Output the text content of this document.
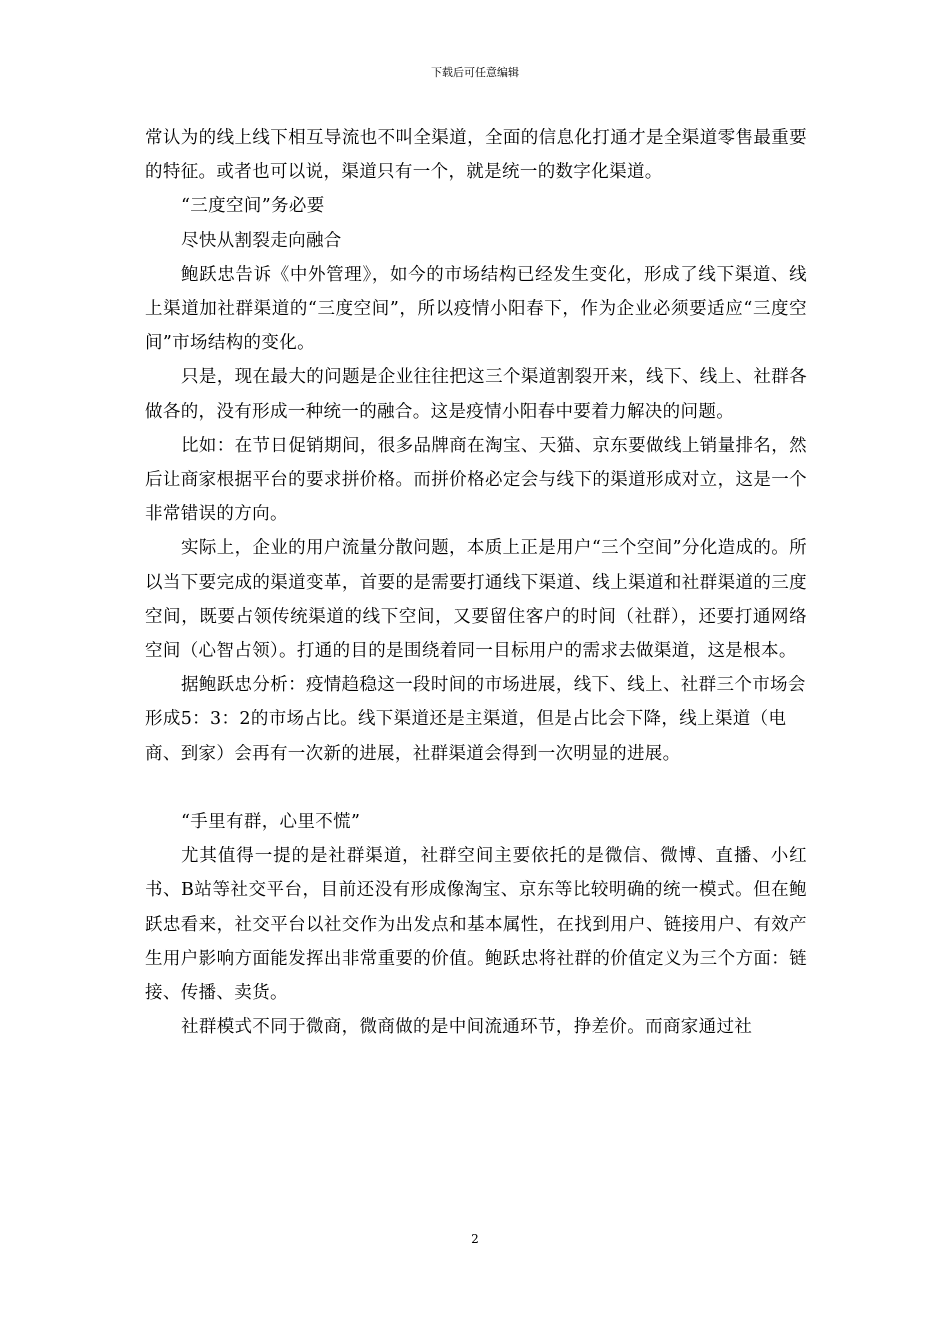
下载后可任意编辑

常认为的线上线下相互导流也不叫全渠道，全面的信息化打通才是全渠道零售最重要的特征。或者也可以说，渠道只有一个，就是统一的数字化渠道。

“三度空间”务必要

尽快从割裂走向融合

鲍跃忠告诉《中外管理》，如今的市场结构已经发生变化，形成了线下渠道、线上渠道加社群渠道的“三度空间”，所以疫情小阳春下，作为企业必须要适应“三度空间”市场结构的变化。

只是，现在最大的问题是企业往往把这三个渠道割裂开来，线下、线上、社群各做各的，没有形成一种统一的融合。这是疫情小阳春中要着力解决的问题。

比如：在节日促销期间，很多品牌商在淘宝、天猫、京东要做线上销量排名，然后让商家根据平台的要求拼价格。而拼价格必定会与线下的渠道形成对立，这是一个非常错误的方向。

实际上，企业的用户流量分散问题，本质上正是用户“三个空间”分化造成的。所以当下要完成的渠道变革，首要的是需要打通线下渠道、线上渠道和社群渠道的三度空间，既要占领传统渠道的线下空间，又要留住客户的时间（社群），还要打通网络空间（心智占领）。打通的目的是围绕着同一目标用户的需求去做渠道，这是根本。

据鲍跃忠分析：疫情趋稳这一段时间的市场进展，线下、线上、社群三个市场会形成5：3：2的市场占比。线下渠道还是主渠道，但是占比会下降，线上渠道（电商、到家）会再有一次新的进展，社群渠道会得到一次明显的进展。

“手里有群，心里不慌”

尤其值得一提的是社群渠道，社群空间主要依托的是微信、微博、直播、小红书、B站等社交平台，目前还没有形成像淘宝、京东等比较明确的统一模式。但在鲍跃忠看来，社交平台以社交作为出发点和基本属性，在找到用户、链接用户、有效产生用户影响方面能发挥出非常重要的价值。鲍跃忠将社群的价值定义为三个方面：链接、传播、卖货。

社群模式不同于微商，微商做的是中间流通环节，挣差价。而商家通过社

2
